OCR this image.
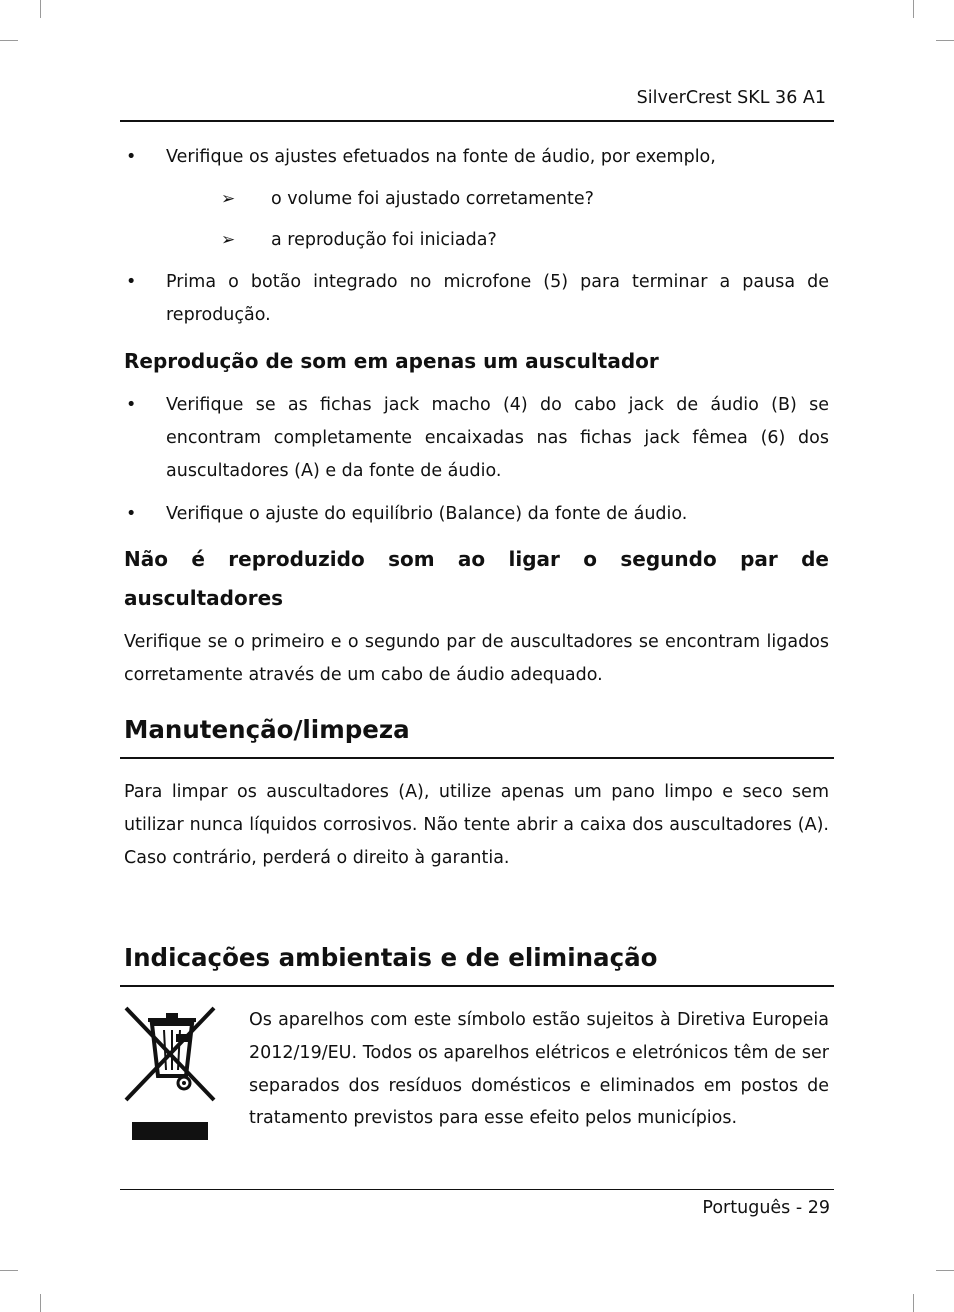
SilverCrest SKL 36 A1
• Verifique os ajustes efetuados na fonte de áudio, por exemplo,
➢ o volume foi ajustado corretamente?
➢ a reprodução foi iniciada?
• Prima o botão integrado no microfone (5) para terminar a pausa de reprodução.
Reprodução de som em apenas um auscultador
• Verifique se as fichas jack macho (4) do cabo jack de áudio (B) se encontram completamente encaixadas nas fichas jack fêmea (6) dos auscultadores (A) e da fonte de áudio.
• Verifique o ajuste do equilíbrio (Balance) da fonte de áudio.
Não é reproduzido som ao ligar o segundo par de auscultadores

Verifique se o primeiro e o segundo par de auscultadores se encontram ligados corretamente através de um cabo de áudio adequado.

Manutenção/limpeza

Para limpar os auscultadores (A), utilize apenas um pano limpo e seco sem utilizar nunca líquidos corrosivos. Não tente abrir a caixa dos auscultadores (A). Caso contrário, perderá o direito à garantia.

Indicações ambientais e de eliminação

Os aparelhos com este símbolo estão sujeitos à Diretiva Europeia 2012/19/EU. Todos os aparelhos elétricos e eletrónicos têm de ser separados dos resíduos domésticos e eliminados em postos de tratamento previstos para esse efeito pelos municípios.

Português - 29
